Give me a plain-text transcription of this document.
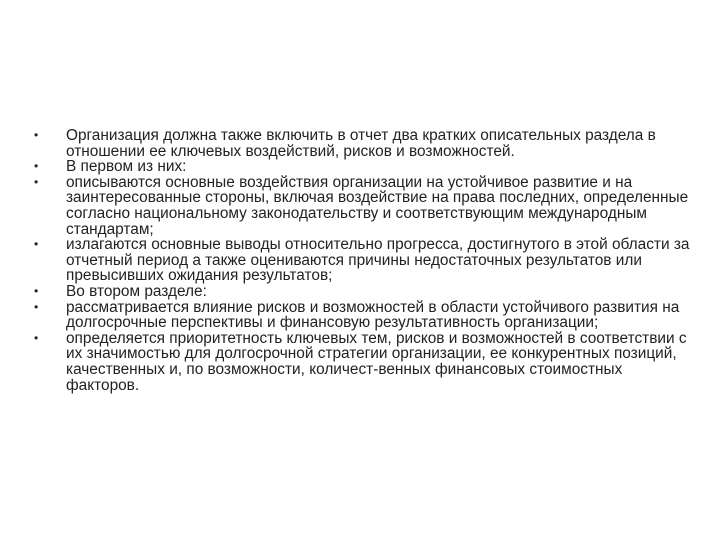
•	Организация должна также включить в отчет два кратких описательных раздела в отношении ее ключевых воздействий, рисков и возможностей.
•	В первом из них:
•	описываются основные воздействия организации на устойчивое развитие и на заинтересованные стороны, включая воздействие на права последних, определенные согласно национальному законодательству и соответствующим международным стандартам;
•	излагаются основные выводы относительно прогресса, достигнутого в этой области за отчетный период а также оцениваются причины недостаточных результатов или превысивших ожидания результатов;
•	Во втором разделе:
•	рассматривается влияние рисков и возможностей в области устойчивого развития на долгосрочные перспективы и финансовую результативность организации;
•	определяется приоритетность ключевых тем, рисков и возможностей в соответствии с их значимостью для долгосрочной стратегии организации, ее конкурентных позиций, качественных и, по возможности, количест-венных финансовых стоимостных факторов.
